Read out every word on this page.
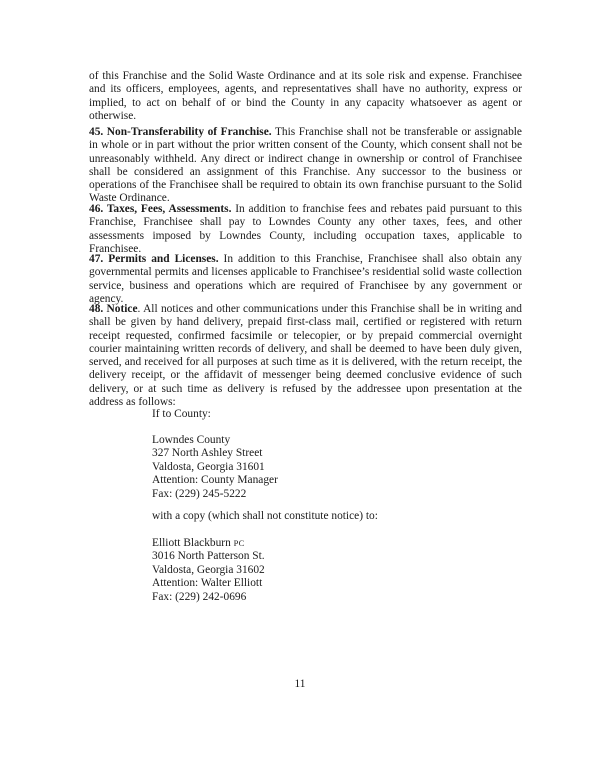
of this Franchise and the Solid Waste Ordinance and at its sole risk and expense. Franchisee and its officers, employees, agents, and representatives shall have no authority, express or implied, to act on behalf of or bind the County in any capacity whatsoever as agent or otherwise.

45. Non-Transferability of Franchise. This Franchise shall not be transferable or assignable in whole or in part without the prior written consent of the County, which consent shall not be unreasonably withheld. Any direct or indirect change in ownership or control of Franchisee shall be considered an assignment of this Franchise. Any successor to the business or operations of the Franchisee shall be required to obtain its own franchise pursuant to the Solid Waste Ordinance.

46. Taxes, Fees, Assessments. In addition to franchise fees and rebates paid pursuant to this Franchise, Franchisee shall pay to Lowndes County any other taxes, fees, and other assessments imposed by Lowndes County, including occupation taxes, applicable to Franchisee.

47. Permits and Licenses. In addition to this Franchise, Franchisee shall also obtain any governmental permits and licenses applicable to Franchisee’s residential solid waste collection service, business and operations which are required of Franchisee by any government or agency.

48. Notice. All notices and other communications under this Franchise shall be in writing and shall be given by hand delivery, prepaid first-class mail, certified or registered with return receipt requested, confirmed facsimile or telecopier, or by prepaid commercial overnight courier maintaining written records of delivery, and shall be deemed to have been duly given, served, and received for all purposes at such time as it is delivered, with the return receipt, the delivery receipt, or the affidavit of messenger being deemed conclusive evidence of such delivery, or at such time as delivery is refused by the addressee upon presentation at the address as follows:

If to County:
Lowndes County
327 North Ashley Street
Valdosta, Georgia 31601
Attention: County Manager
Fax: (229) 245-5222
with a copy (which shall not constitute notice) to:
Elliott Blackburn PC
3016 North Patterson St.
Valdosta, Georgia 31602
Attention: Walter Elliott
Fax: (229) 242-0696
11
